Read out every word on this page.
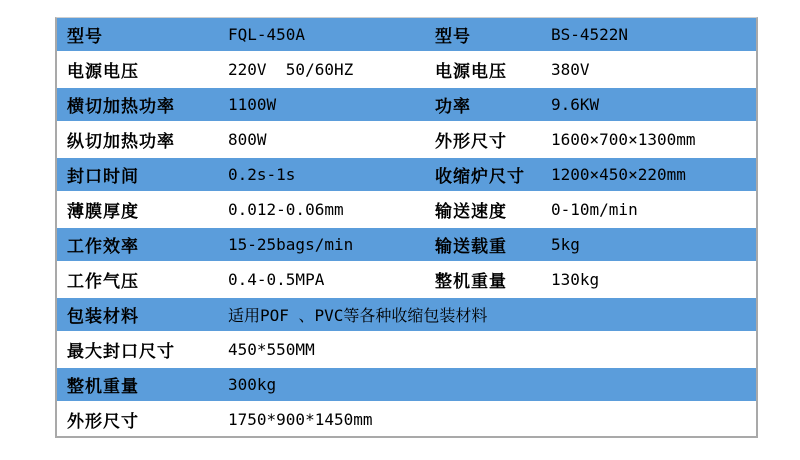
型号	FQL-450A	型号	BS-4522N
电源电压	220V  50/60HZ	电源电压	380V
横切加热功率	1100W	功率	9.6KW
纵切加热功率	800W	外形尺寸	1600×700×1300mm
封口时间	0.2s-1s	收缩炉尺寸	1200×450×220mm
薄膜厚度	0.012-0.06mm	输送速度	0-10m/min
工作效率	15-25bags/min	输送载重	5kg
工作气压	0.4-0.5MPA	整机重量	130kg
包装材料	适用POF 、PVC等各种收缩包装材料
最大封口尺寸	450*550MM
整机重量	300kg
外形尺寸	1750*900*1450mm
